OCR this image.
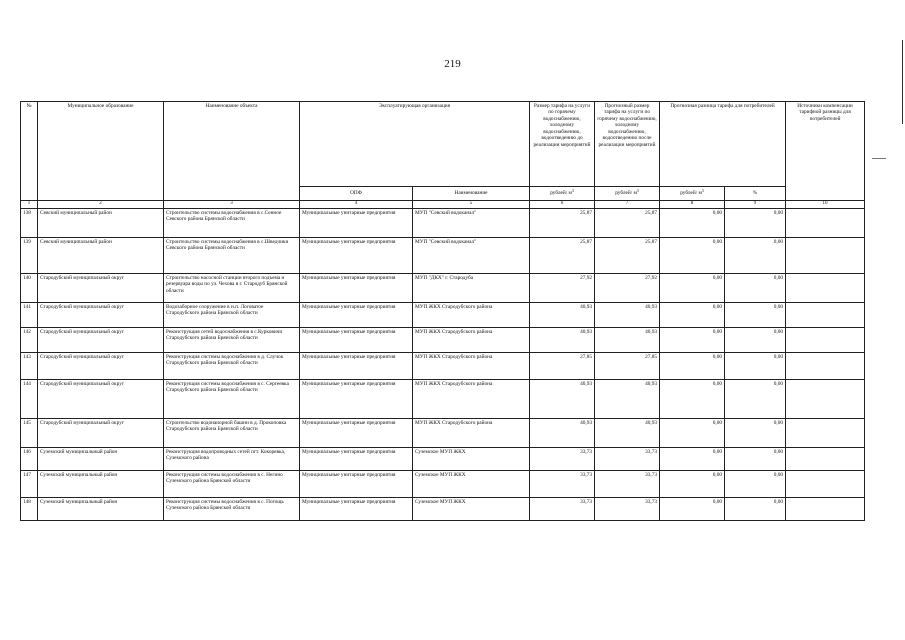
219
№	Муниципальное образование	Наименование объекта	Эксплуатирующая организация		Размер тарифа на услуги по горячему водоснабжению, холодному водоснабжению, водоотведению до реализации мероприятий	Прогнозный размер тарифа на услуги по горячему водоснабжению, холодному водоснабжению, водоотведению после реализации мероприятий	Прогнозная разница тарифа для потребителей		Источники компенсации тарифной разницы для потребителей
			ОПФ	Наименование	рублей/ $м^3$	рублей/ $м^3$	рублей/ $м^3$	%	
1	2	3	4	5	6	7	8	9	10
138	Севский муниципальный район	Строительство системы водоснабжения в с.Сенное Севского района Брянской области	Муниципальные унитарные предприятия	МУП "Севский водоканал"	25,87	25,87	0,00	0,00	
139	Севский муниципальный район	Строительство системы водоснабжения в с.Шведчики Севского района Брянской области	Муниципальные унитарные предприятия	МУП "Севский водоканал"	25,87	25,87	0,00	0,00	
140	Стародубский муниципальный округ	Строительство насосной станции второго подъема и резервуара воды по ул. Чехова в г. Стародуб Брянской области	Муниципальные унитарные предприятия	МУП "ДКХ" г. Стародуба	27,92	27,92	0,00	0,00	
141	Стародубский муниципальный округ	Водозаборное сооружение в н.п. Логоватое Стародубского района Брянской области	Муниципальные унитарные предприятия	МУП ЖКХ Стародубского района	40,93	40,93	0,00	0,00	
142	Стародубский муниципальный округ	Реконструкция сетей водоснабжения в с.Курковичи Стародубского района Брянской области	Муниципальные унитарные предприятия	МУП ЖКХ Стародубского района	40,93	40,93	0,00	0,00	
143	Стародубский муниципальный округ	Реконструкция системы водоснабжения в д. Случок Стародубского района Брянской области	Муниципальные унитарные предприятия	МУП ЖКХ Стародубского района	27,85	27,85	0,00	0,00	
144	Стародубский муниципальный округ	Реконструкция системы водоснабжения в с. Сергеевка Стародубского района Брянской области	Муниципальные унитарные предприятия	МУП ЖКХ Стародубского района	40,93	40,93	0,00	0,00	
145	Стародубский муниципальный округ	Строительство водонапорной башни в д. Прокоповка Стародубского района Брянской области	Муниципальные унитарные предприятия	МУП ЖКХ Стародубского района	40,93	40,93	0,00	0,00	
146	Суземский муниципальный район	Реконструкция водопроводных сетей пгт. Кокоревка, Суземского района	Муниципальные унитарные предприятия	Суземское МУП ЖКХ	33,73	33,73	0,00	0,00	
147	Суземский муниципальный район	Реконструкция системы водоснабжения в с. Негино Суземского района Брянской области	Муниципальные унитарные предприятия	Суземское МУП ЖКХ	33,73	33,73	0,00	0,00	
148	Суземский муниципальный район	Реконструкция системы водоснабжения в с. Погощь Суземского района Брянской области	Муниципальные унитарные предприятия	Суземское МУП ЖКХ	33,73	33,73	0,00	0,00	
